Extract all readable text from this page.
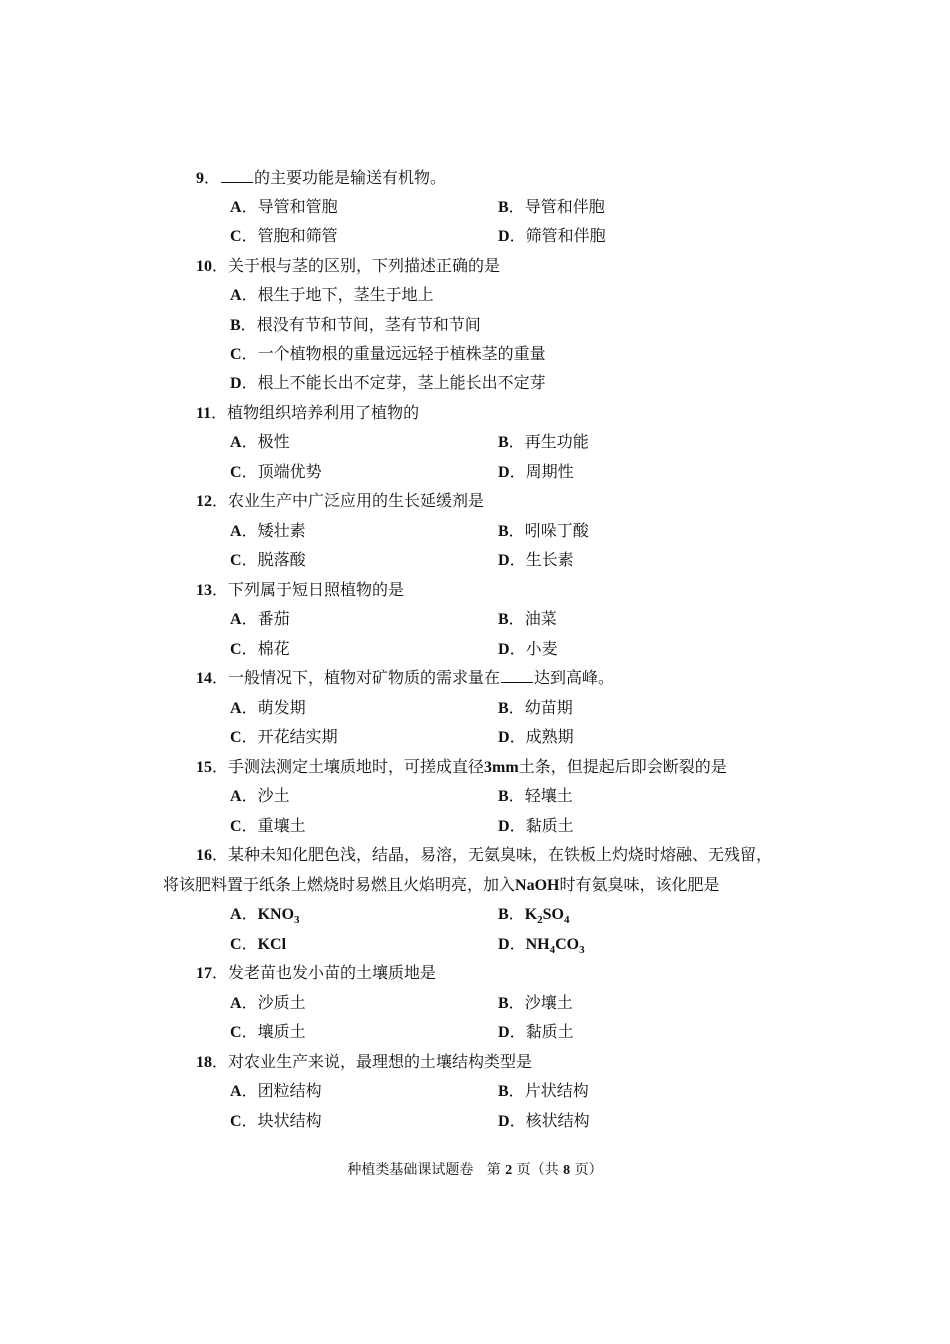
9． 的主要功能是输送有机物。
A．导管和管胞	B．导管和伴胞
C．管胞和筛管	D．筛管和伴胞
10．关于根与茎的区别，下列描述正确的是
A．根生于地下，茎生于地上
B．根没有节和节间，茎有节和节间
C．一个植物根的重量远远轻于植株茎的重量
D．根上不能长出不定芽，茎上能长出不定芽
11．植物组织培养利用了植物的
A．极性	B．再生功能
C．顶端优势	D．周期性
12．农业生产中广泛应用的生长延缓剂是
A．矮壮素	B．吲哚丁酸
C．脱落酸	D．生长素
13．下列属于短日照植物的是
A．番茄	B．油菜
C．棉花	D．小麦
14．一般情况下，植物对矿物质的需求量在 达到高峰。
A．萌发期	B．幼苗期
C．开花结实期	D．成熟期
15．手测法测定土壤质地时，可搓成直径3mm土条，但提起后即会断裂的是
A．沙土	B．轻壤土
C．重壤土	D．黏质土
16．某种未知化肥色浅，结晶，易溶，无氨臭味，在铁板上灼烧时熔融、无残留，
将该肥料置于纸条上燃烧时易燃且火焰明亮，加入NaOH时有氨臭味，该化肥是
A．$KNO_3$	B．$K_2SO_4$
C．KCl	D．$NH_4CO_3$
17．发老苗也发小苗的土壤质地是
A．沙质土	B．沙壤土
C．壤质土	D．黏质土
18．对农业生产来说，最理想的土壤结构类型是
A．团粒结构	B．片状结构
C．块状结构	D．核状结构
种植类基础课试题卷 第 2 页（共 8 页）
